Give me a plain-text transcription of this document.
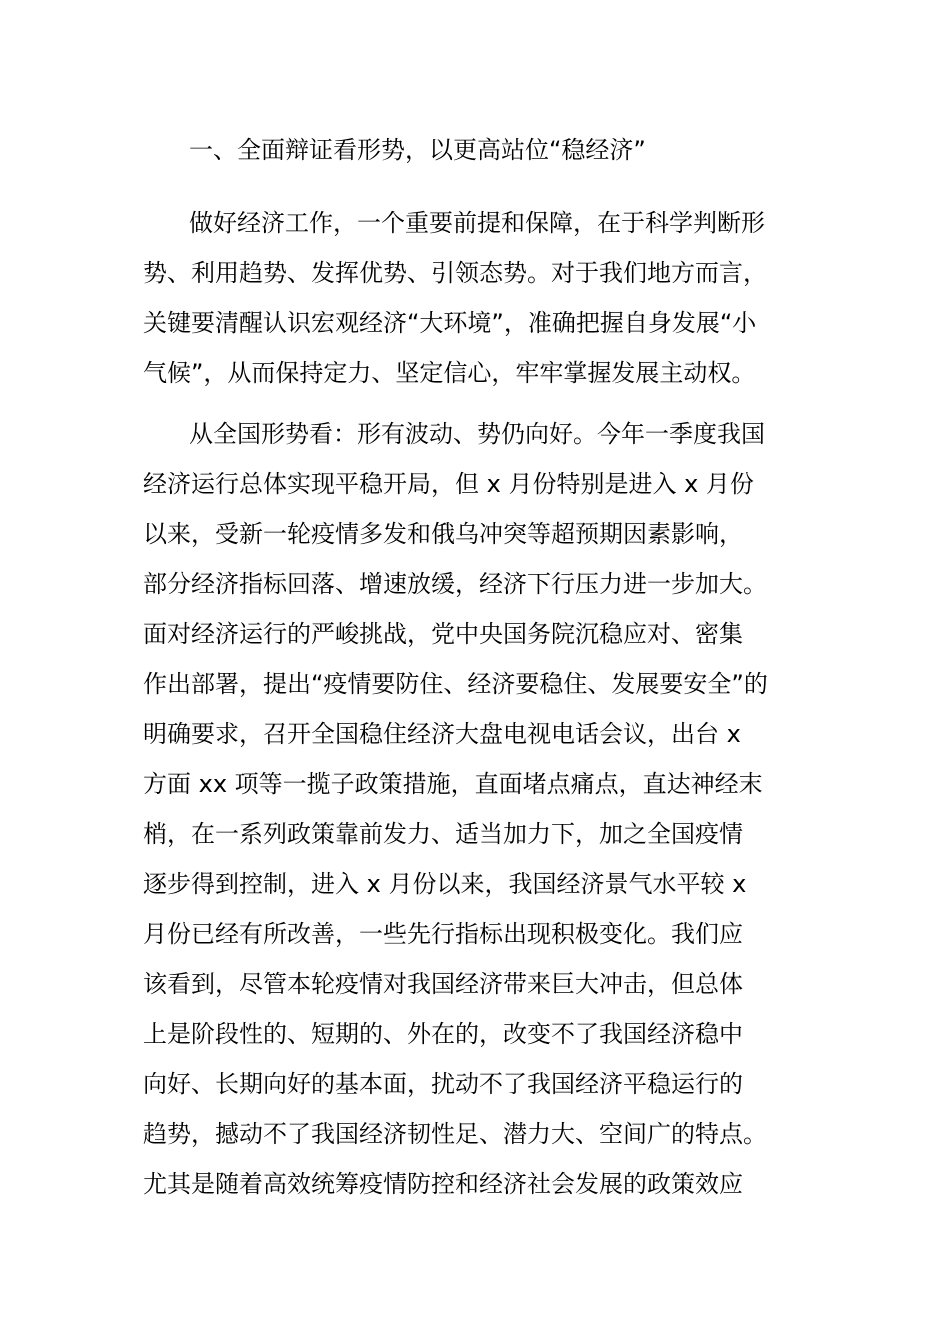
一、全面辩证看形势，以更高站位“稳经济”
做好经济工作，一个重要前提和保障，在于科学判断形
势、利用趋势、发挥优势、引领态势。对于我们地方而言，
关键要清醒认识宏观经济“大环境”，准确把握自身发展“小
气候”，从而保持定力、坚定信心，牢牢掌握发展主动权。
从全国形势看：形有波动、势仍向好。今年一季度我国
经济运行总体实现平稳开局，但 x 月份特别是进入 x 月份
以来，受新一轮疫情多发和俄乌冲突等超预期因素影响，
部分经济指标回落、增速放缓，经济下行压力进一步加大。
面对经济运行的严峻挑战，党中央国务院沉稳应对、密集
作出部署，提出“疫情要防住、经济要稳住、发展要安全”的
明确要求，召开全国稳住经济大盘电视电话会议，出台 x
方面 xx 项等一揽子政策措施，直面堵点痛点，直达神经末
梢，在一系列政策靠前发力、适当加力下，加之全国疫情
逐步得到控制，进入 x 月份以来，我国经济景气水平较 x
月份已经有所改善，一些先行指标出现积极变化。我们应
该看到，尽管本轮疫情对我国经济带来巨大冲击，但总体
上是阶段性的、短期的、外在的，改变不了我国经济稳中
向好、长期向好的基本面，扰动不了我国经济平稳运行的
趋势，撼动不了我国经济韧性足、潜力大、空间广的特点。
尤其是随着高效统筹疫情防控和经济社会发展的政策效应
